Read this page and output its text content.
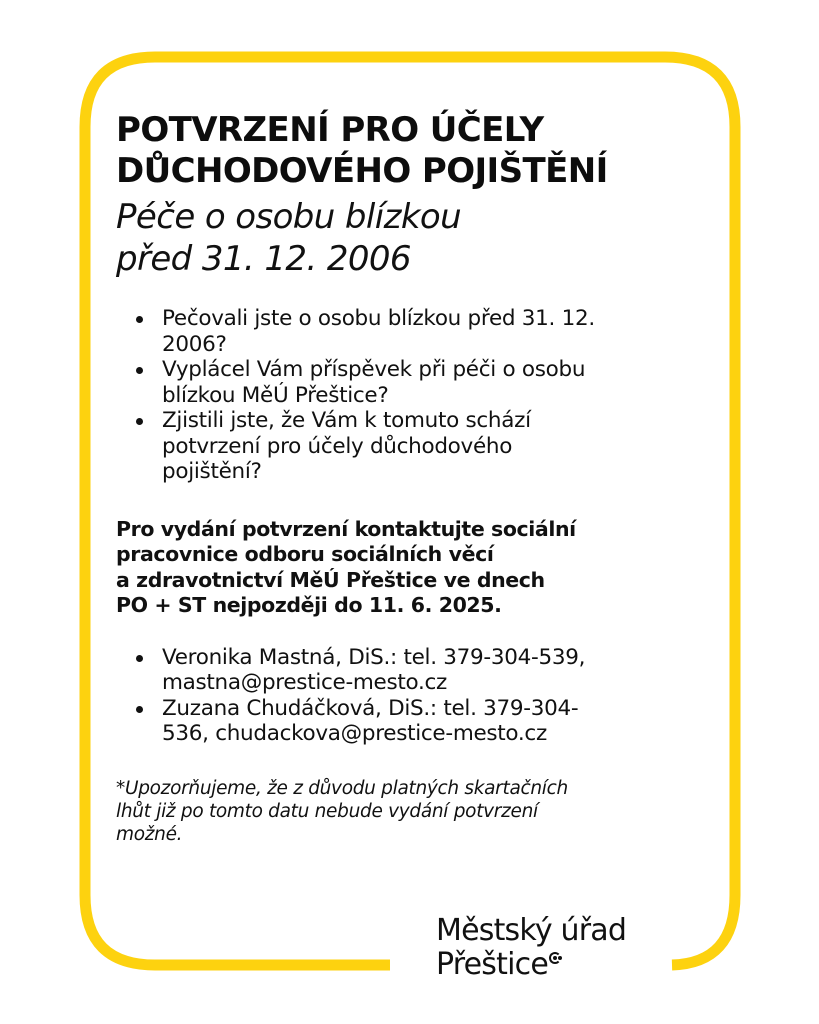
POTVRZENÍ PRO ÚČELY
DŮCHODOVÉHO POJIŠTĚNÍ
Péče o osobu blízkou
před 31. 12. 2006
Pečovali jste o osobu blízkou před 31. 12.
2006?
Vyplácel Vám příspěvek při péči o osobu
blízkou MěÚ Přeštice?
Zjistili jste, že Vám k tomuto schází
potvrzení pro účely důchodového
pojištění?

Pro vydání potvrzení kontaktujte sociální
pracovnice odboru sociálních věcí
a zdravotnictví MěÚ Přeštice ve dnech
PO + ST nejpozději do 11. 6. 2025.

Veronika Mastná, DiS.: tel. 379-304-539,
mastna@prestice-mesto.cz
Zuzana Chudáčková, DiS.: tel. 379-304-
536, chudackova@prestice-mesto.cz

*Upozorňujeme, že z důvodu platných skartačních
lhůt již po tomto datu nebude vydání potvrzení
možné.

Městský úřad
Přeštice
